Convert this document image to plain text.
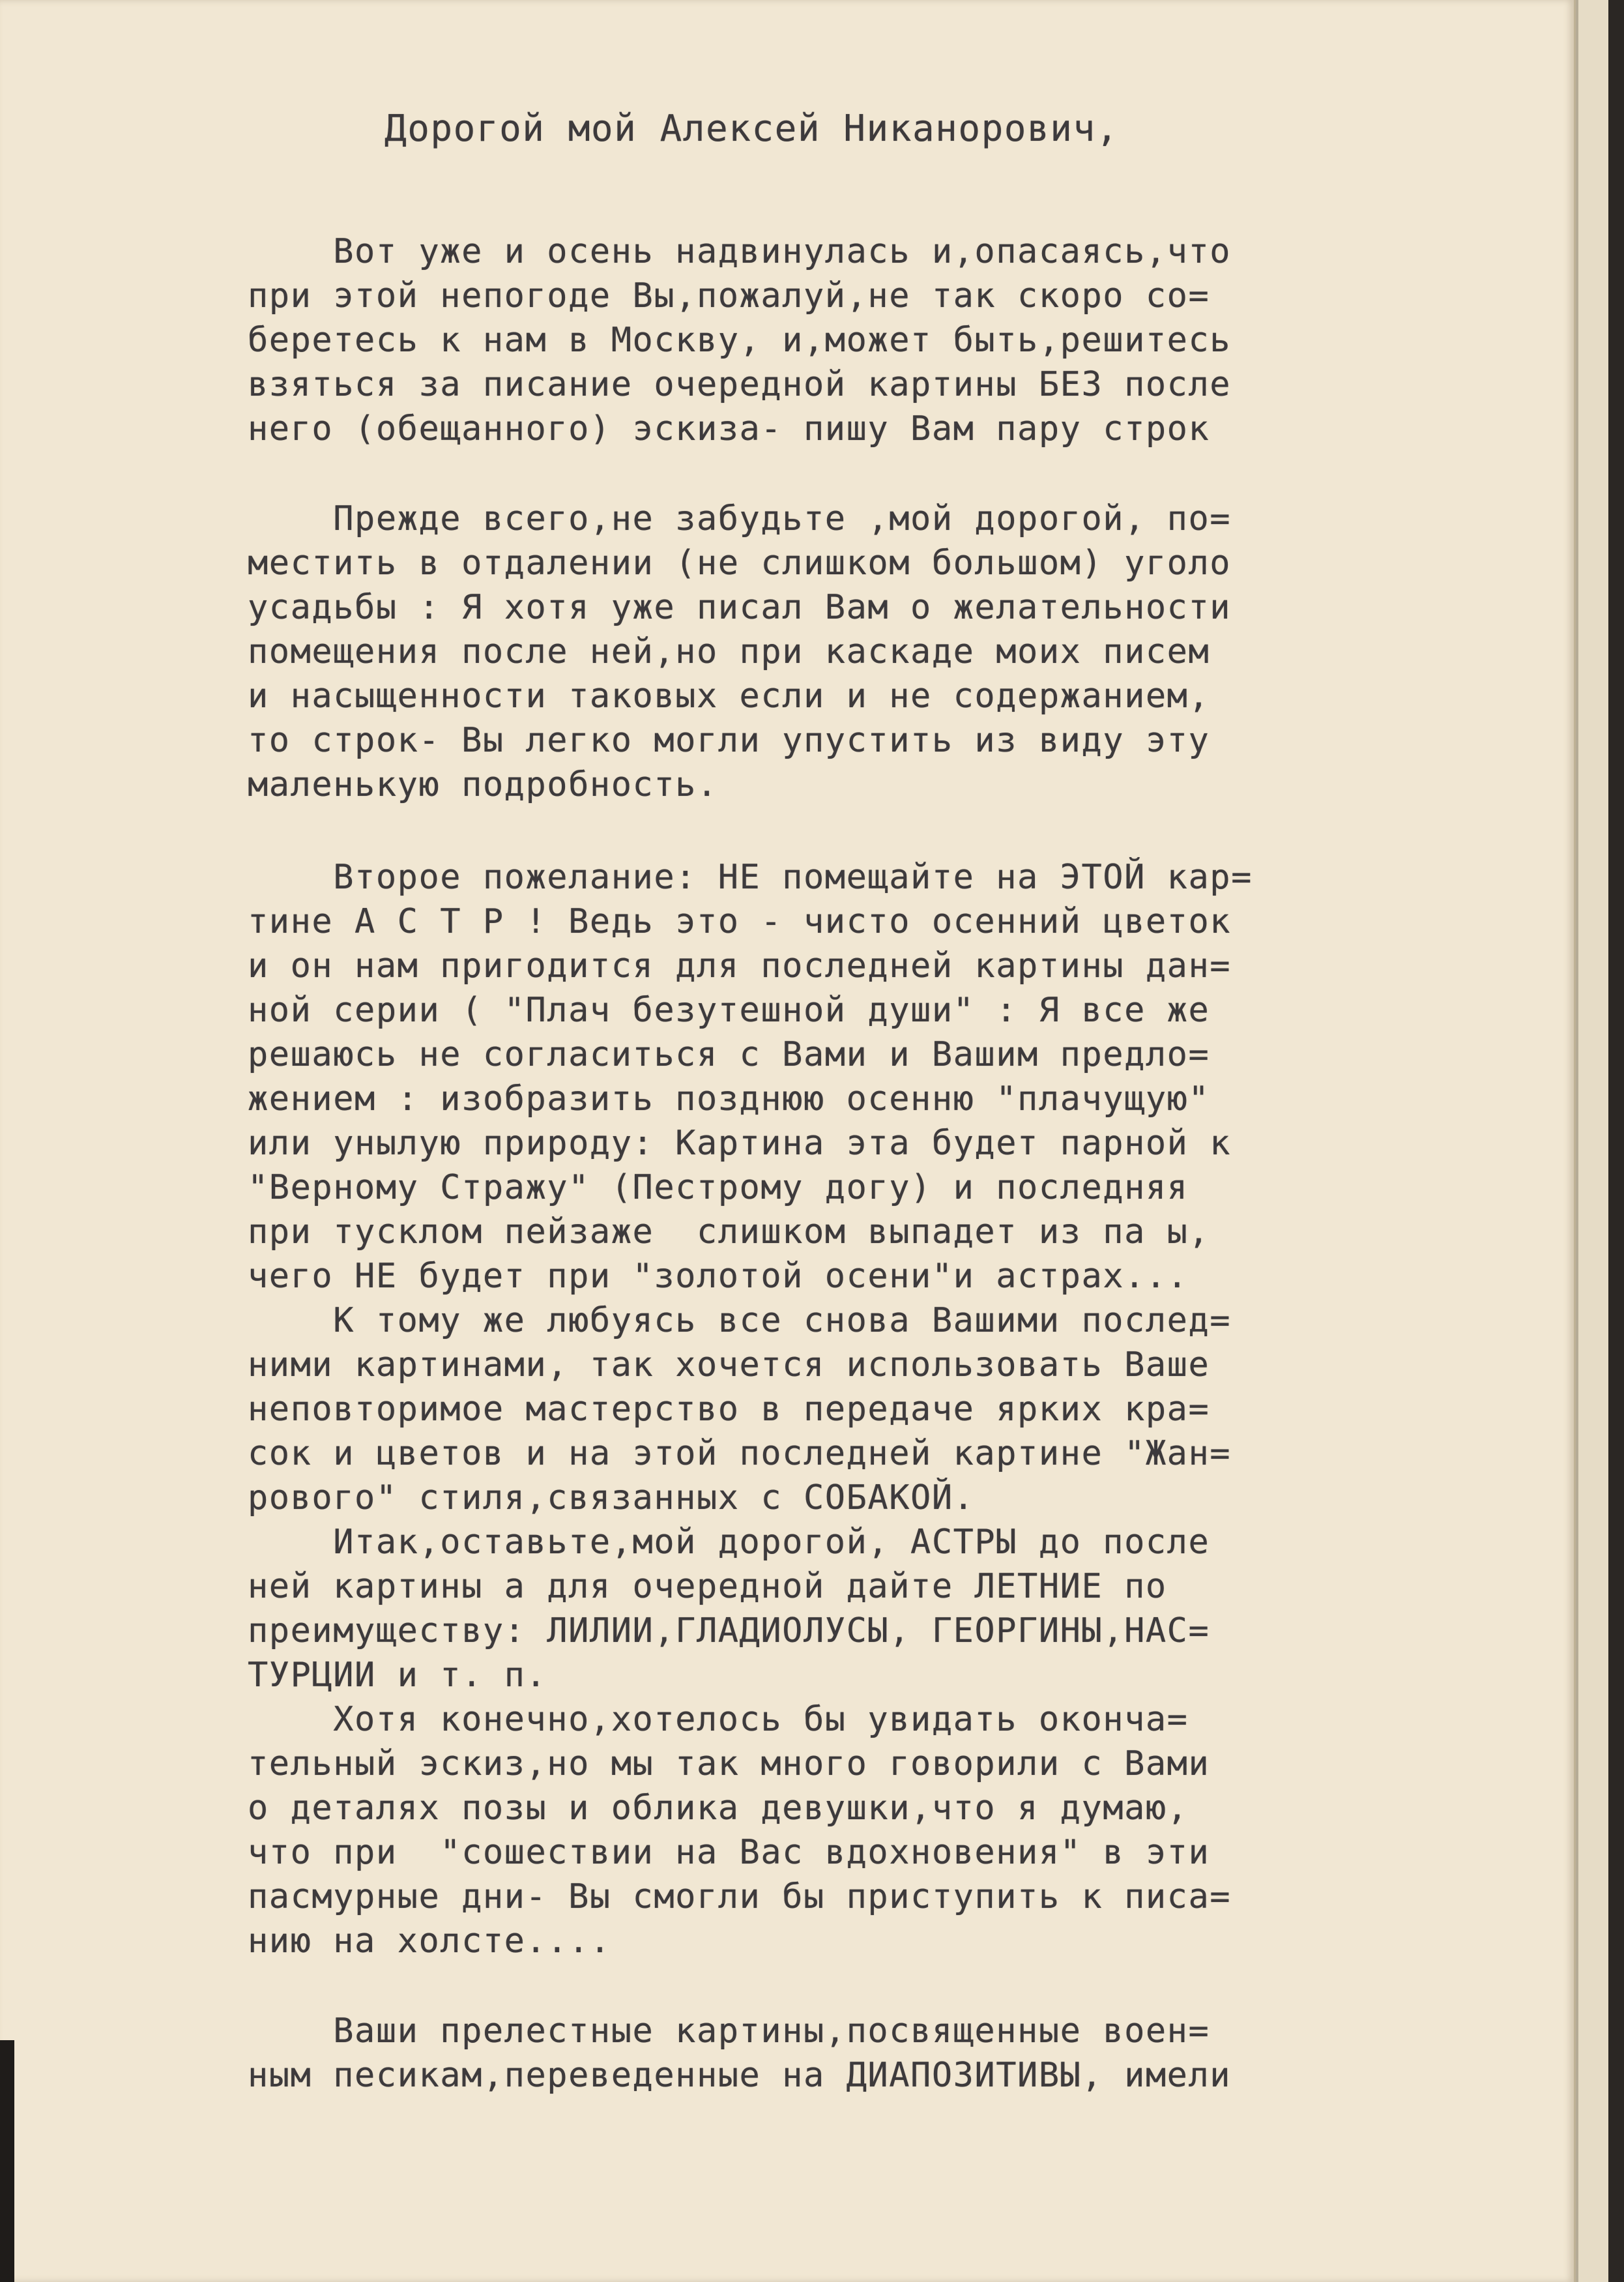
Дорогой мой Алексей Никанорович,
Вот уже и осень надвинулась и,опасаясь,что
при этой непогоде Вы,пожалуй,не так скоро со=
беретесь к нам в Москву, и,может быть,решитесь
взяться за писание очередной картины БЕЗ после
него (обещанного) эскиза- пишу Вам пару строк
Прежде всего,не забудьте ,мой дорогой, по=
местить в отдалении (не слишком большом) уголо
усадьбы : Я хотя уже писал Вам о желательности
помещения после ней,но при каскаде моих писем
и насыщенности таковых если и не содержанием,
то строк- Вы легко могли упустить из виду эту
маленькую подробность.
Второе пожелание: НЕ помещайте на ЭТОЙ кар=
тине А С Т Р ! Ведь это - чисто осенний цветок
и он нам пригодится для последней картины дан=
ной серии ( "Плач безутешной души" : Я все же
решаюсь не согласиться с Вами и Вашим предло=
жением : изобразить позднюю осенню "плачущую"
или унылую природу: Картина эта будет парной к
"Верному Стражу" (Пестрому догу) и последняя
при тусклом пейзаже  слишком выпадет из па ы,
чего НЕ будет при "золотой осени"и астрах...
К тому же любуясь все снова Вашими послед=
ними картинами, так хочется использовать Ваше
неповторимое мастерство в передаче ярких кра=
сок и цветов и на этой последней картине "Жан=
рового" стиля,связанных с СОБАКОЙ.
Итак,оставьте,мой дорогой, АСТРЫ до после
ней картины а для очередной дайте ЛЕТНИЕ по
преимуществу: ЛИЛИИ,ГЛАДИОЛУСЫ, ГЕОРГИНЫ,НАС=
ТУРЦИИ и т. п.
Хотя конечно,хотелось бы увидать оконча=
тельный эскиз,но мы так много говорили с Вами
о деталях позы и облика девушки,что я думаю,
что при  "сошествии на Вас вдохновения" в эти
пасмурные дни- Вы смогли бы приступить к писа=
нию на холсте....
Ваши прелестные картины,посвященные воен=
ным песикам,переведенные на ДИАПОЗИТИВЫ, имели
